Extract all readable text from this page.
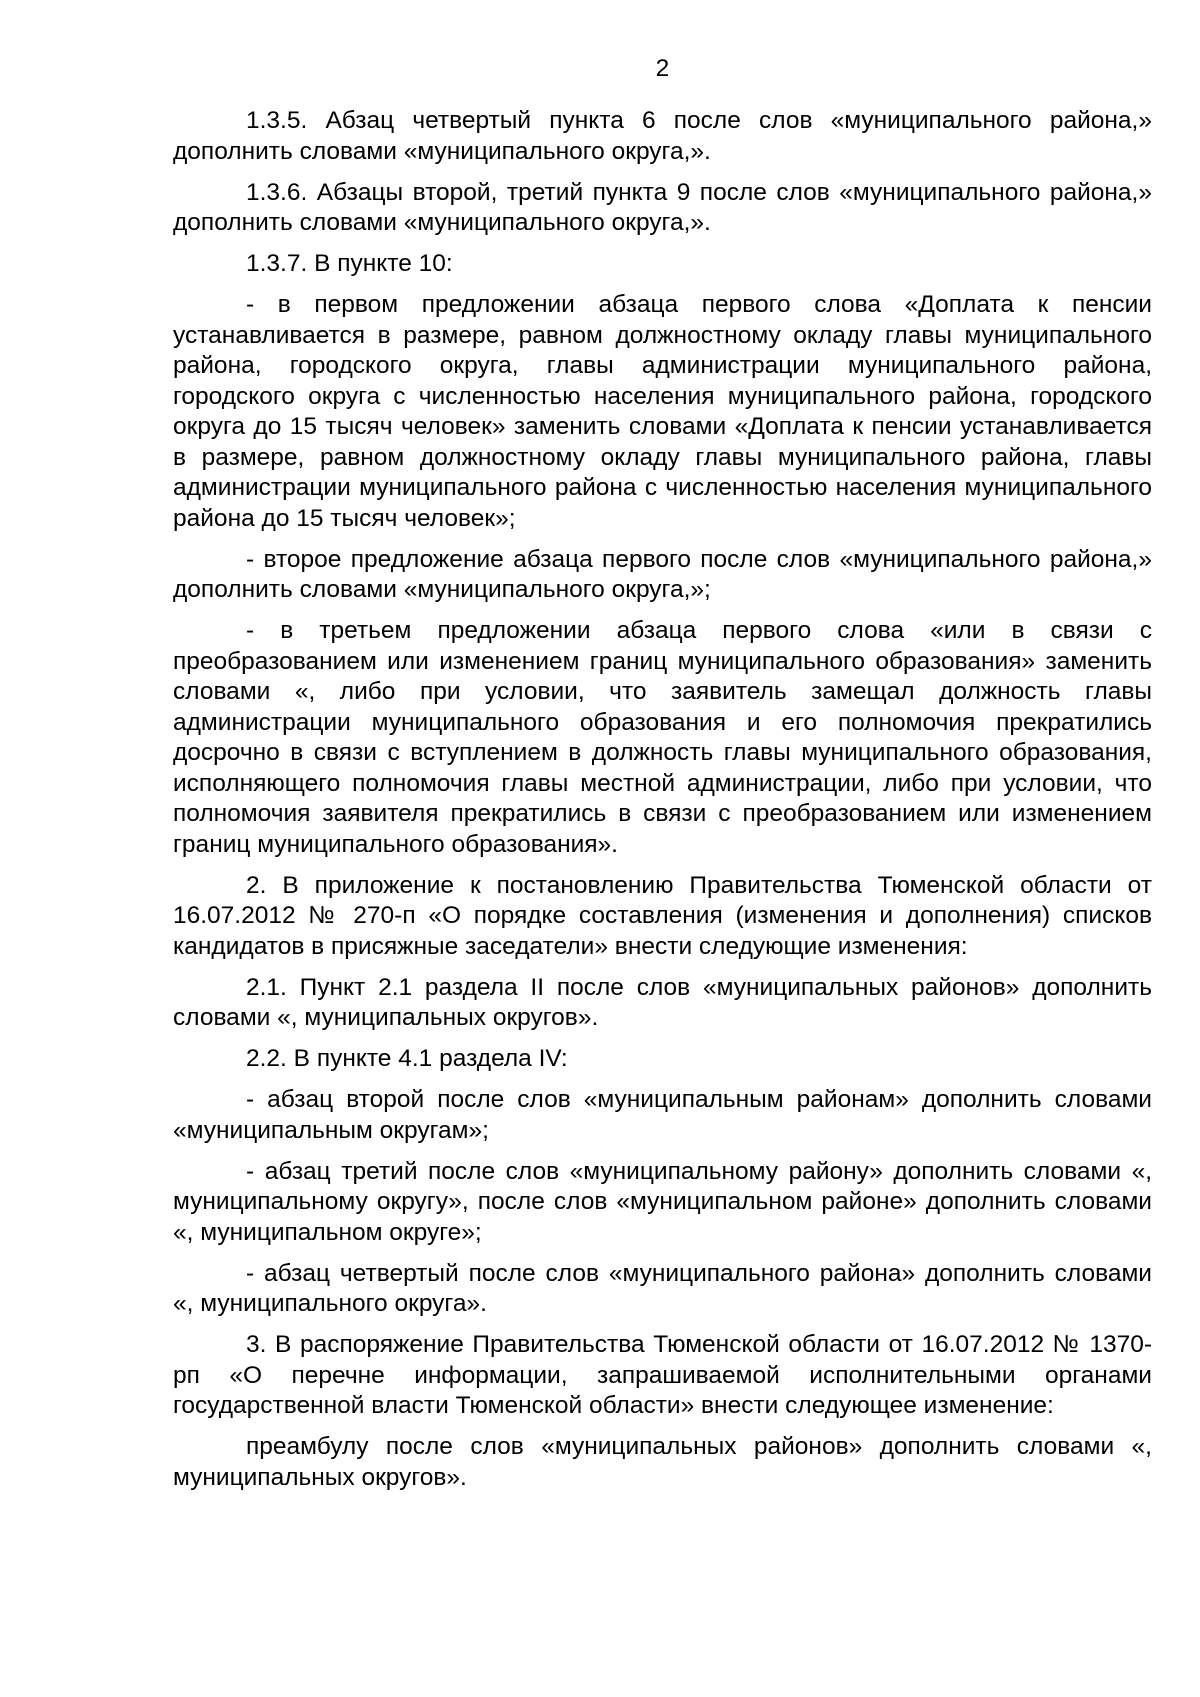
2

1.3.5. Абзац четвертый пункта 6 после слов «муниципального района,» дополнить словами «муниципального округа,».

1.3.6. Абзацы второй, третий пункта 9 после слов «муниципального района,» дополнить словами «муниципального округа,».

1.3.7. В пункте 10:

- в первом предложении абзаца первого слова «Доплата к пенсии устанавливается в размере, равном должностному окладу главы муниципального района, городского округа, главы администрации муниципального района, городского округа с численностью населения муниципального района, городского округа до 15 тысяч человек» заменить словами «Доплата к пенсии устанавливается в размере, равном должностному окладу главы муниципального района, главы администрации муниципального района с численностью населения муниципального района до 15 тысяч человек»;

- второе предложение абзаца первого после слов «муниципального района,» дополнить словами «муниципального округа,»;

- в третьем предложении абзаца первого слова «или в связи с преобразованием или изменением границ муниципального образования» заменить словами «, либо при условии, что заявитель замещал должность главы администрации муниципального образования и его полномочия прекратились досрочно в связи с вступлением в должность главы муниципального образования, исполняющего полномочия главы местной администрации, либо при условии, что полномочия заявителя прекратились в связи с преобразованием или изменением границ муниципального образования».

2. В приложение к постановлению Правительства Тюменской области от 16.07.2012 № 270-п «О порядке составления (изменения и дополнения) списков кандидатов в присяжные заседатели» внести следующие изменения:

2.1. Пункт 2.1 раздела II после слов «муниципальных районов» дополнить словами «, муниципальных округов».

2.2. В пункте 4.1 раздела IV:

- абзац второй после слов «муниципальным районам» дополнить словами «муниципальным округам»;

- абзац третий после слов «муниципальному району» дополнить словами «, муниципальному округу», после слов «муниципальном районе» дополнить словами «, муниципальном округе»;

- абзац четвертый после слов «муниципального района» дополнить словами «, муниципального округа».

3. В распоряжение Правительства Тюменской области от 16.07.2012 № 1370-рп «О перечне информации, запрашиваемой исполнительными органами государственной власти Тюменской области» внести следующее изменение:

преамбулу после слов «муниципальных районов» дополнить словами «, муниципальных округов».
